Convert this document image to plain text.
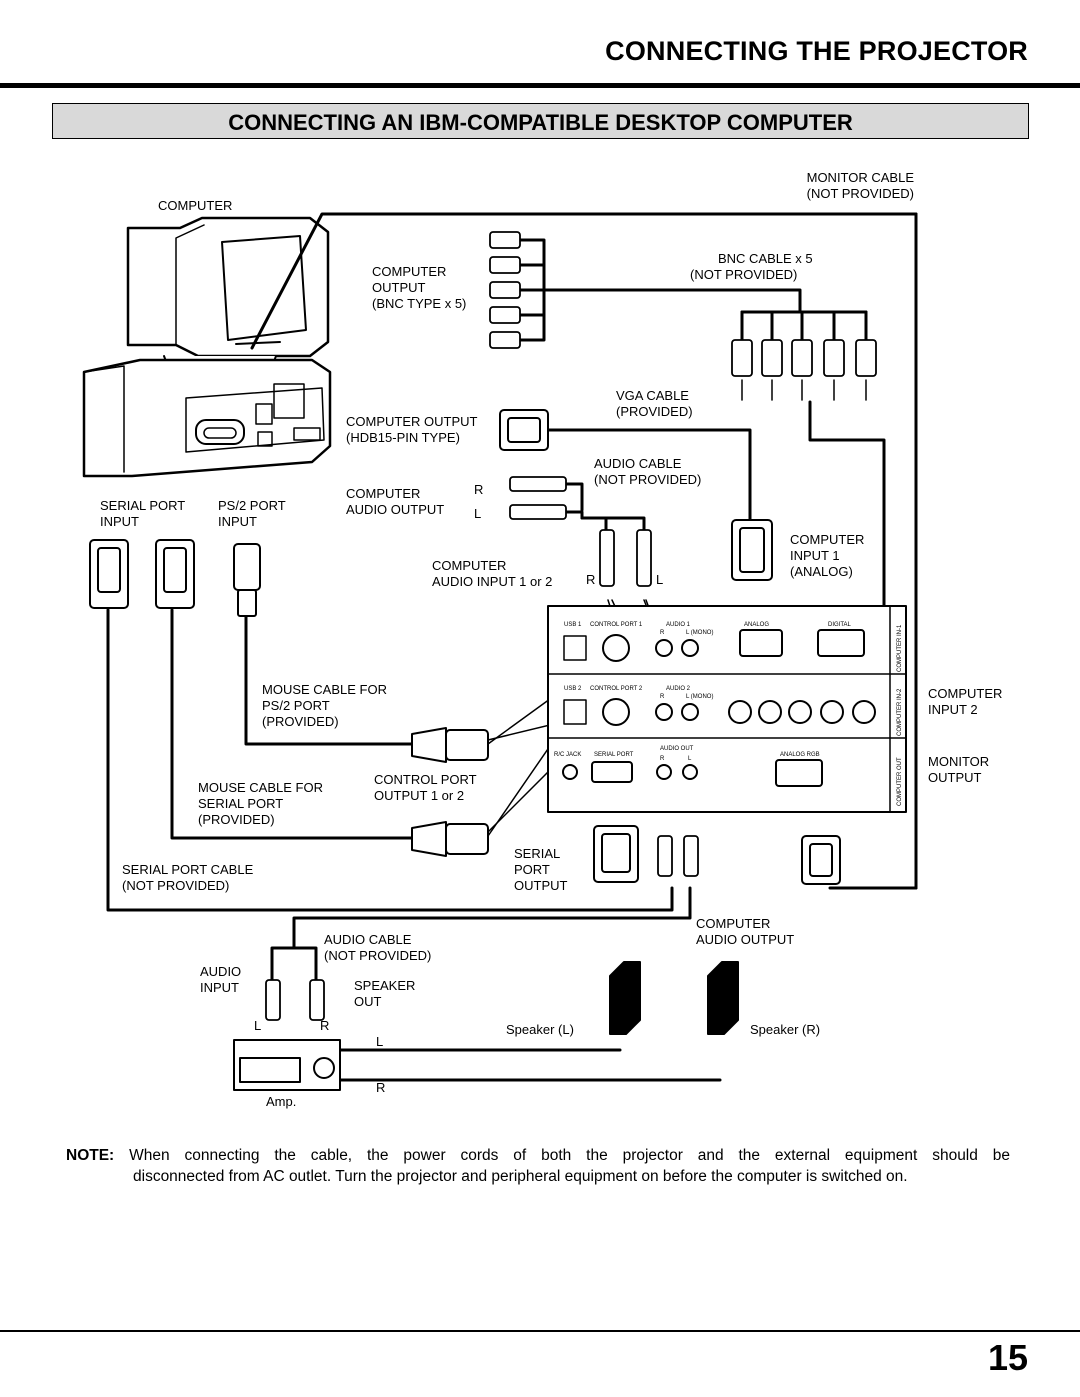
CONNECTING THE PROJECTOR
CONNECTING AN IBM-COMPATIBLE DESKTOP COMPUTER
MONITOR CABLE
(NOT PROVIDED)
COMPUTER
BNC CABLE x 5
(NOT PROVIDED)
COMPUTER
OUTPUT
(BNC TYPE x 5)
VGA CABLE
(PROVIDED)
COMPUTER OUTPUT
(HDB15-PIN TYPE)
AUDIO CABLE
(NOT PROVIDED)
SERIAL PORT
INPUT
PS/2 PORT
INPUT
COMPUTER
AUDIO OUTPUT
R
L
COMPUTER
INPUT 1
(ANALOG)
COMPUTER
AUDIO INPUT 1 or 2	R	L
MOUSE CABLE FOR
PS/2 PORT
(PROVIDED)
COMPUTER
INPUT 2
MOUSE CABLE FOR
SERIAL PORT
(PROVIDED)
CONTROL PORT
OUTPUT 1 or 2
MONITOR
OUTPUT
SERIAL PORT CABLE
(NOT PROVIDED)
SERIAL
PORT
OUTPUT
COMPUTER
AUDIO OUTPUT
AUDIO CABLE
(NOT PROVIDED)
AUDIO
INPUT	SPEAKER
OUT
L	R
L
R
Speaker (L)	Speaker (R)
Amp.
USB 1 CONTROL PORT 1	AUDIO 1
R	L (MONO)
ANALOG	DIGITAL
USB 2 CONTROL PORT 2	AUDIO 2
R	L (MONO)
R/C JACK SERIAL PORT
AUDIO OUT
R	L
ANALOG RGB
COMPUTER IN-1
COMPUTER IN-2
COMPUTER OUT
NOTE: When connecting the cable, the power cords of both the projector and the external equipment should be
disconnected from AC outlet. Turn the projector and peripheral equipment on before the computer is switched on.
15
